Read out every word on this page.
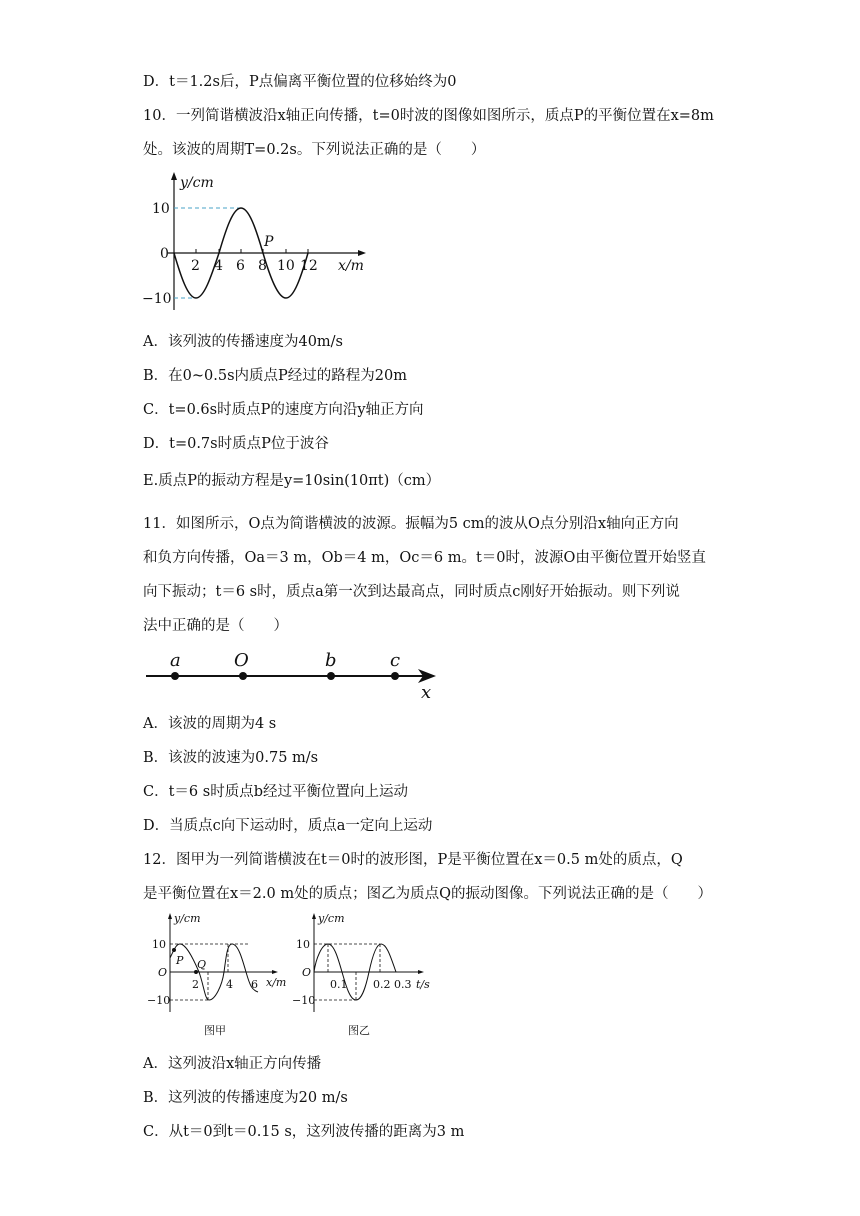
D．t＝1.2s后，P点偏离平衡位置的位移始终为0
10．一列简谐横波沿x轴正向传播，t=0时波的图像如图所示，质点P的平衡位置在x=8m
处。该波的周期T=0.2s。下列说法正确的是（　　）
y/cm
10
0
−10
2 4 6 8 10 12 x/m
P
A．该列波的传播速度为40m/s
B．在0~0.5s内质点P经过的路程为20m
C．t=0.6s时质点P的速度方向沿y轴正方向
D．t=0.7s时质点P位于波谷
E.质点P的振动方程是y=10sin(10πt)（cm）
11．如图所示，O点为简谐横波的波源。振幅为5 cm的波从O点分别沿x轴向正方向
和负方向传播，Oa＝3 m，Ob＝4 m，Oc＝6 m。t＝0时，波源O由平衡位置开始竖直
向下振动；t＝6 s时，质点a第一次到达最高点，同时质点c刚好开始振动。则下列说
法中正确的是（　　）
a	O	b	c
x
A．该波的周期为4 s
B．该波的波速为0.75 m/s
C．t＝6 s时质点b经过平衡位置向上运动
D．当质点c向下运动时，质点a一定向上运动
12．图甲为一列简谐横波在t＝0时的波形图，P是平衡位置在x＝0.5 m处的质点，Q
是平衡位置在x＝2.0 m处的质点；图乙为质点Q的振动图像。下列说法正确的是（　　）
y/cm
10
O
−10
2 4 6 x/m
P Q
图甲
y/cm
10
O
−10
0.1 0.2 0.3 t/s
图乙
A．这列波沿x轴正方向传播
B．这列波的传播速度为20 m/s
C．从t＝0到t＝0.15 s，这列波传播的距离为3 m
